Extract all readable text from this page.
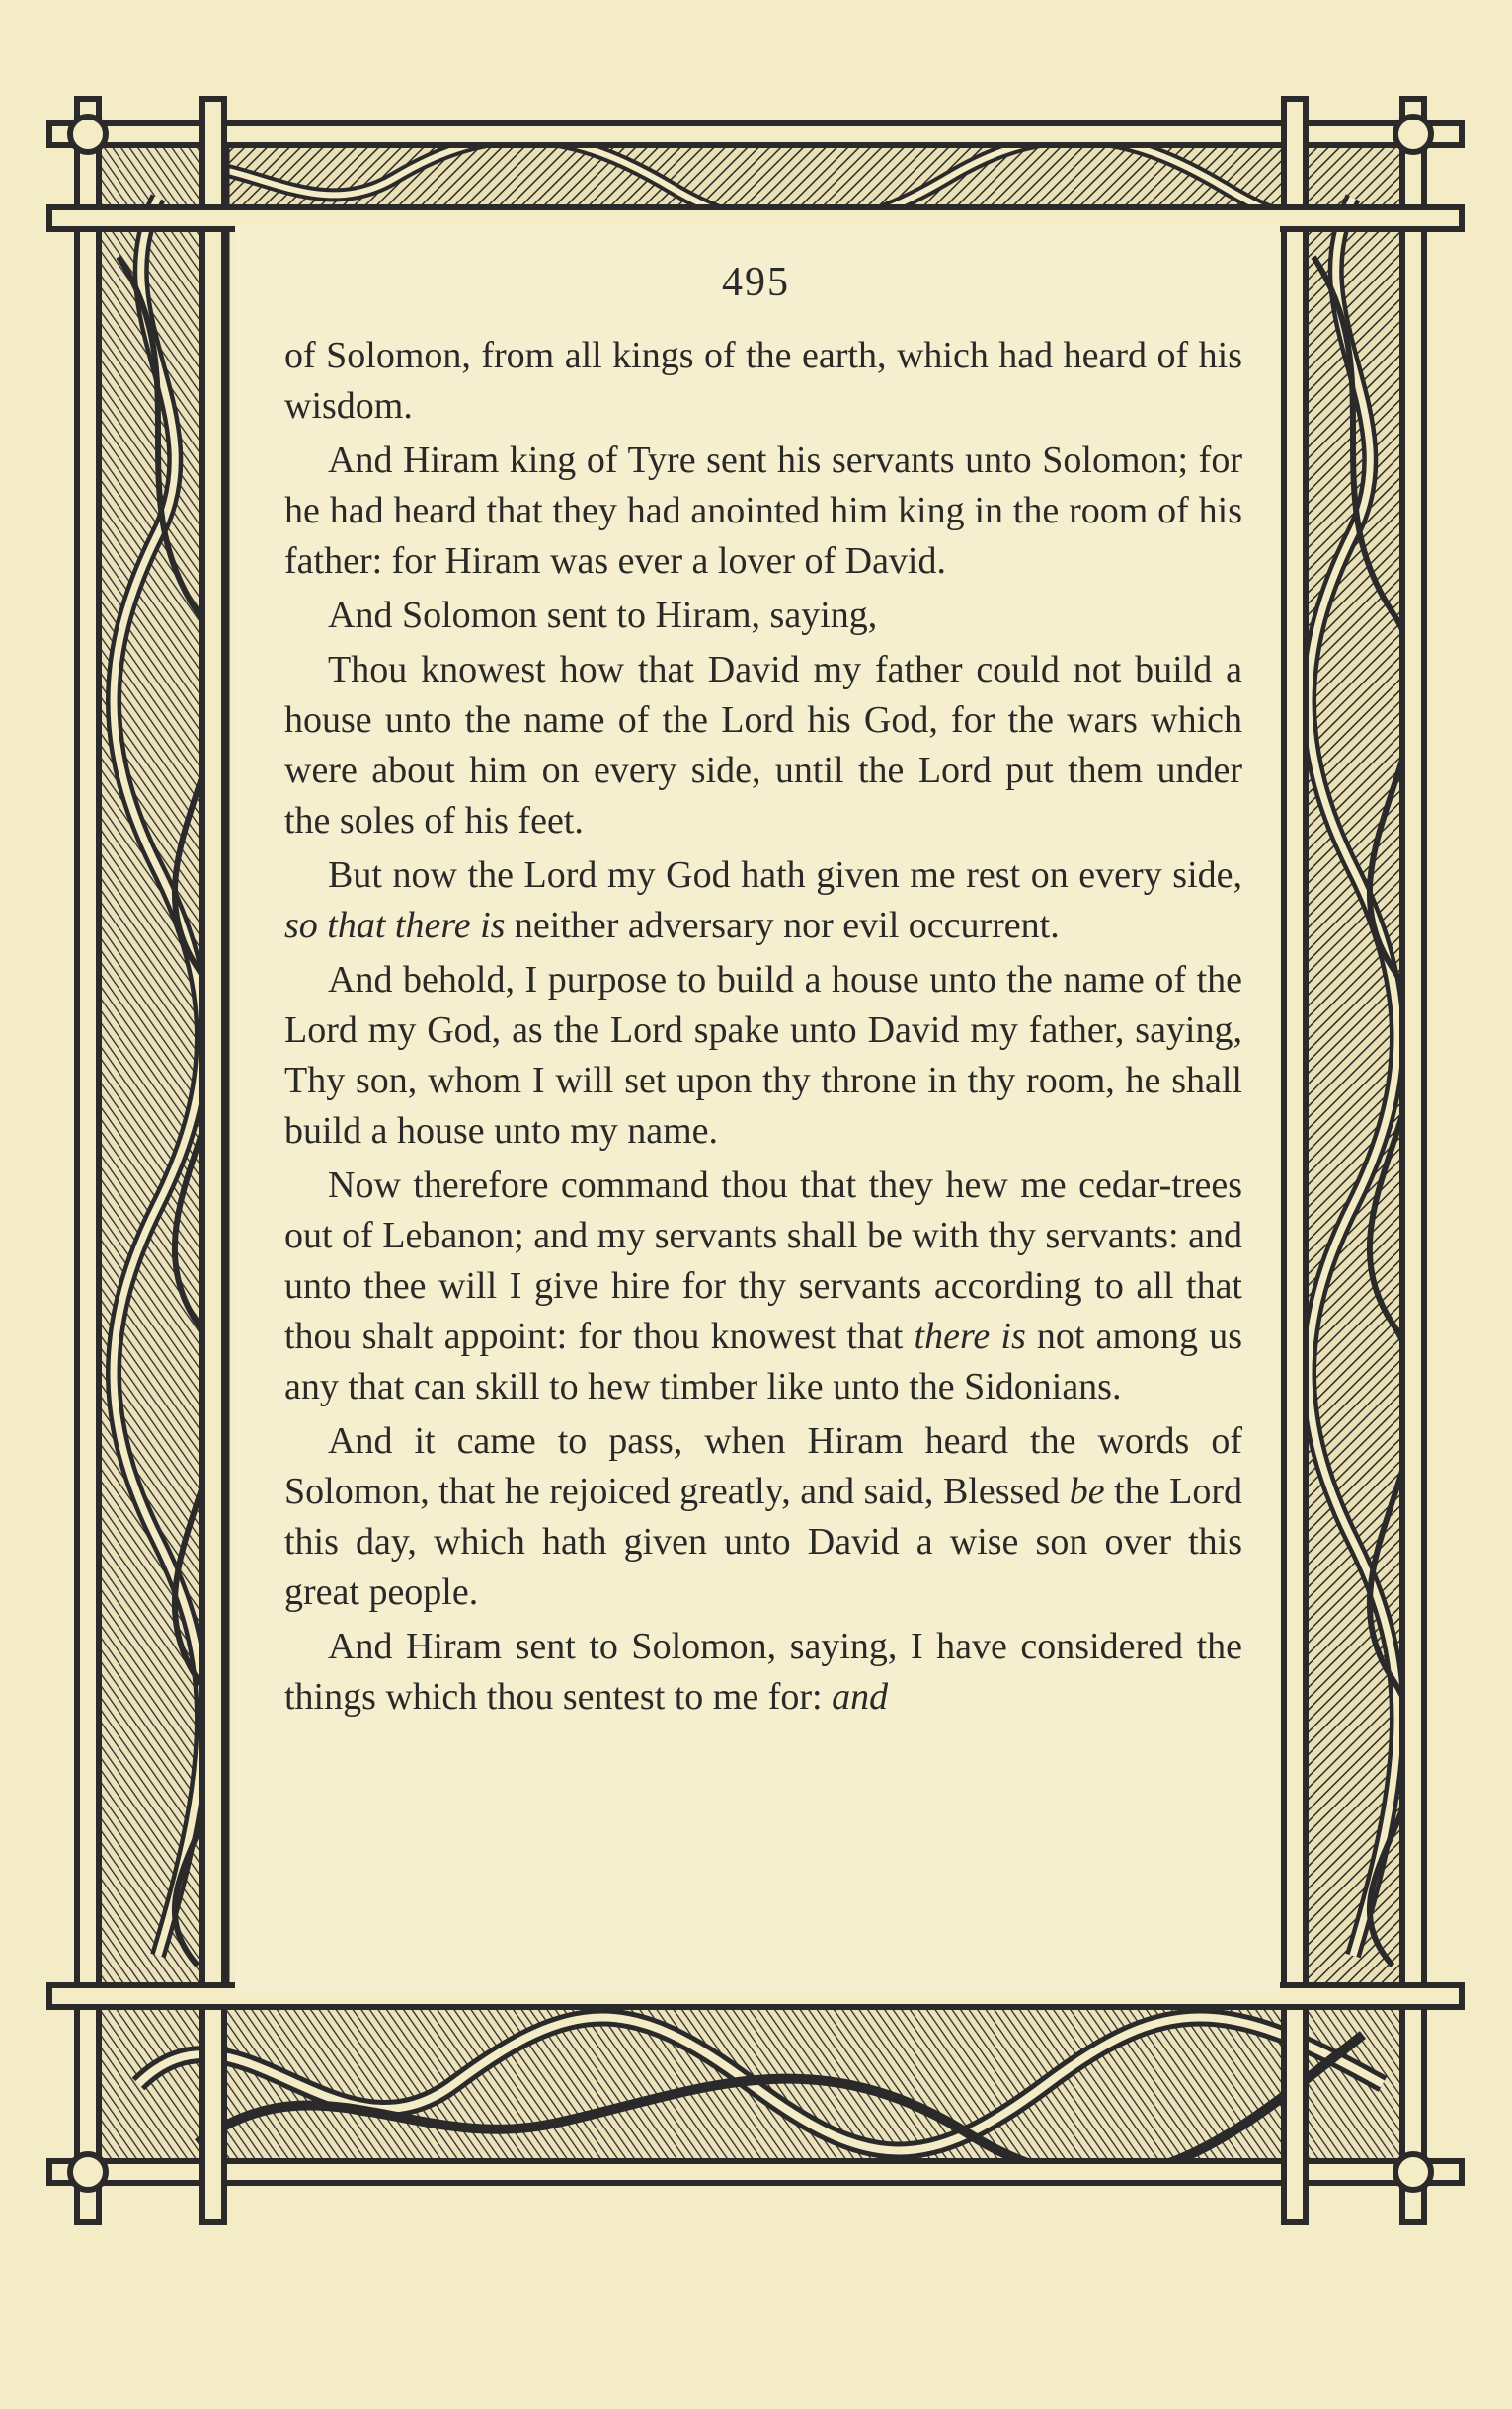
495

of Solomon, from all kings of the earth, which had heard of his wisdom.

And Hiram king of Tyre sent his servants unto Solomon; for he had heard that they had anointed him king in the room of his father: for Hiram was ever a lover of David.

And Solomon sent to Hiram, saying,

Thou knowest how that David my father could not build a house unto the name of the Lord his God, for the wars which were about him on every side, until the Lord put them under the soles of his feet.

But now the Lord my God hath given me rest on every side, so that there is neither adversary nor evil occurrent.

And behold, I purpose to build a house unto the name of the Lord my God, as the Lord spake unto David my father, saying, Thy son, whom I will set upon thy throne in thy room, he shall build a house unto my name.

Now therefore command thou that they hew me cedar-trees out of Lebanon; and my servants shall be with thy servants: and unto thee will I give hire for thy servants according to all that thou shalt appoint: for thou knowest that there is not among us any that can skill to hew timber like unto the Sidonians.

And it came to pass, when Hiram heard the words of Solomon, that he rejoiced greatly, and said, Blessed be the Lord this day, which hath given unto David a wise son over this great people.

And Hiram sent to Solomon, saying, I have considered the things which thou sentest to me for: and
